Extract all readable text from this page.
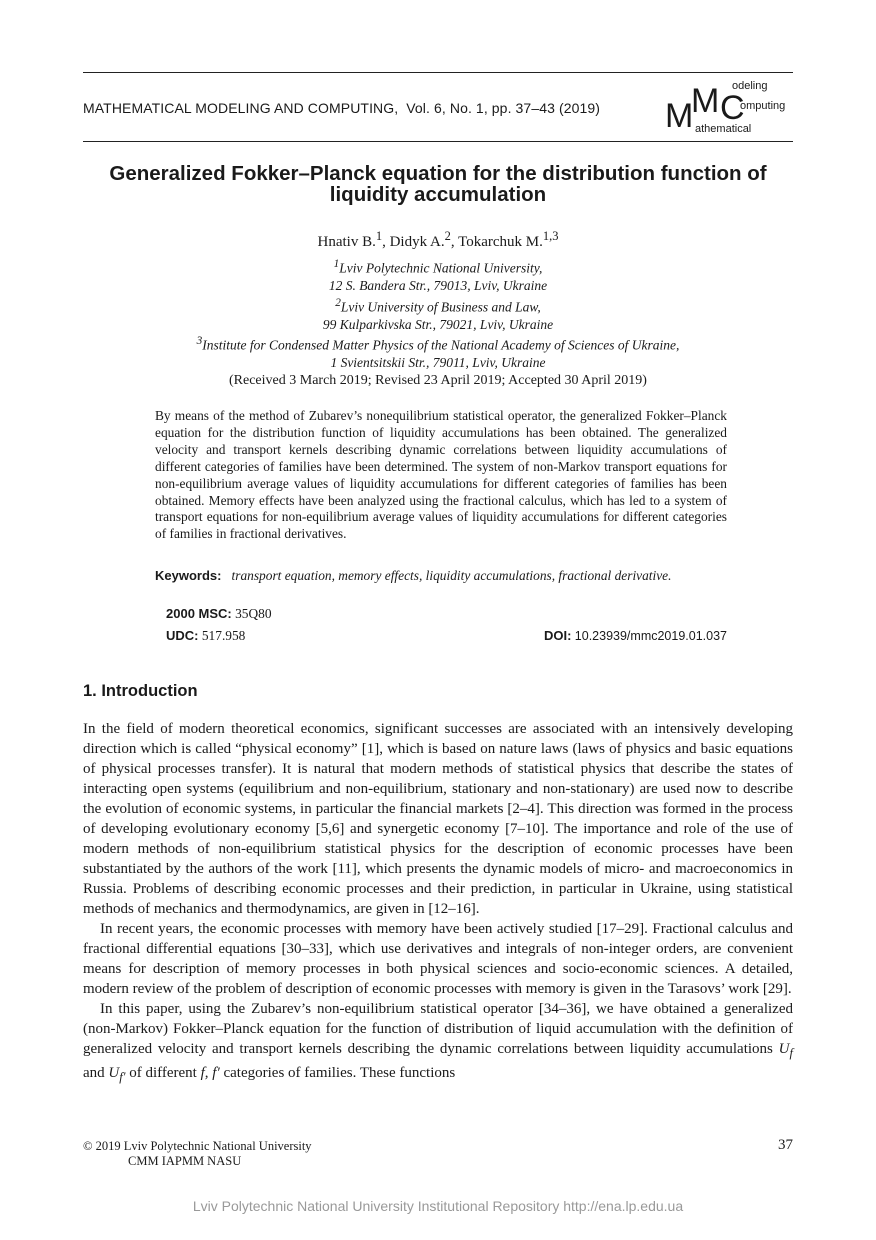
MATHEMATICAL MODELING AND COMPUTING, Vol. 6, No. 1, pp. 37–43 (2019) M
M C
odeling
omputing
athematical
Generalized Fokker–Planck equation for the distribution function of
liquidity accumulation
Hnativ B.$^1$, Didyk A.$^2$, Tokarchuk M.$^{1,3}$
$^1$Lviv Polytechnic National University,
12 S. Bandera Str., 79013, Lviv, Ukraine
$^2$Lviv University of Business and Law,
99 Kulparkivska Str., 79021, Lviv, Ukraine
$^3$Institute for Condensed Matter Physics of the National Academy of Sciences of Ukraine,
1 Svientsitskii Str., 79011, Lviv, Ukraine
(Received 3 March 2019; Revised 23 April 2019; Accepted 30 April 2019)
By means of the method of Zubarev’s nonequilibrium statistical operator, the generalized Fokker–Planck equation for the distribution function of liquidity accumulations has been obtained. The generalized velocity and transport kernels describing dynamic correlations between liquidity accumulations of different categories of families have been determined. The system of non-Markov transport equations for non-equilibrium average values of liquidity accumulations for different categories of families has been obtained. Memory effects have been analyzed using the fractional calculus, which has led to a system of transport equations for non-equilibrium average values of liquidity accumulations for different categories of families in fractional derivatives.
Keywords: transport equation, memory effects, liquidity accumulations, fractional derivative.
2000 MSC: 35Q80
UDC: 517.958	DOI: 10.23939/mmc2019.01.037
1. Introduction

In the field of modern theoretical economics, significant successes are associated with an intensively developing direction which is called “physical economy” [1], which is based on nature laws (laws of physics and basic equations of physical processes transfer). It is natural that modern methods of statistical physics that describe the states of interacting open systems (equilibrium and non-equilibrium, stationary and non-stationary) are used now to describe the evolution of economic systems, in particular the financial markets [2–4]. This direction was formed in the process of developing evolutionary economy [5,6] and synergetic economy [7–10]. The importance and role of the use of modern methods of non-equilibrium statistical physics for the description of economic processes have been substantiated by the authors of the work [11], which presents the dynamic models of micro- and macroeconomics in Russia. Problems of describing economic processes and their prediction, in particular in Ukraine, using statistical methods of mechanics and thermodynamics, are given in [12–16].

In recent years, the economic processes with memory have been actively studied [17–29]. Fractional calculus and fractional differential equations [30–33], which use derivatives and integrals of non-integer orders, are convenient means for description of memory processes in both physical sciences and socio-economic sciences. A detailed, modern review of the problem of description of economic processes with memory is given in the Tarasovs’ work [29].

In this paper, using the Zubarev’s non-equilibrium statistical operator [34–36], we have obtained a generalized (non-Markov) Fokker–Planck equation for the function of distribution of liquid accumulation with the definition of generalized velocity and transport kernels describing the dynamic correlations between liquidity accumulations $U_f$ and $U_{f'}$ of different f, f′ categories of families. These functions

© 2019 Lviv Polytechnic National University
CMM IAPMM NASU
37
Lviv Polytechnic National University Institutional Repository http://ena.lp.edu.ua
